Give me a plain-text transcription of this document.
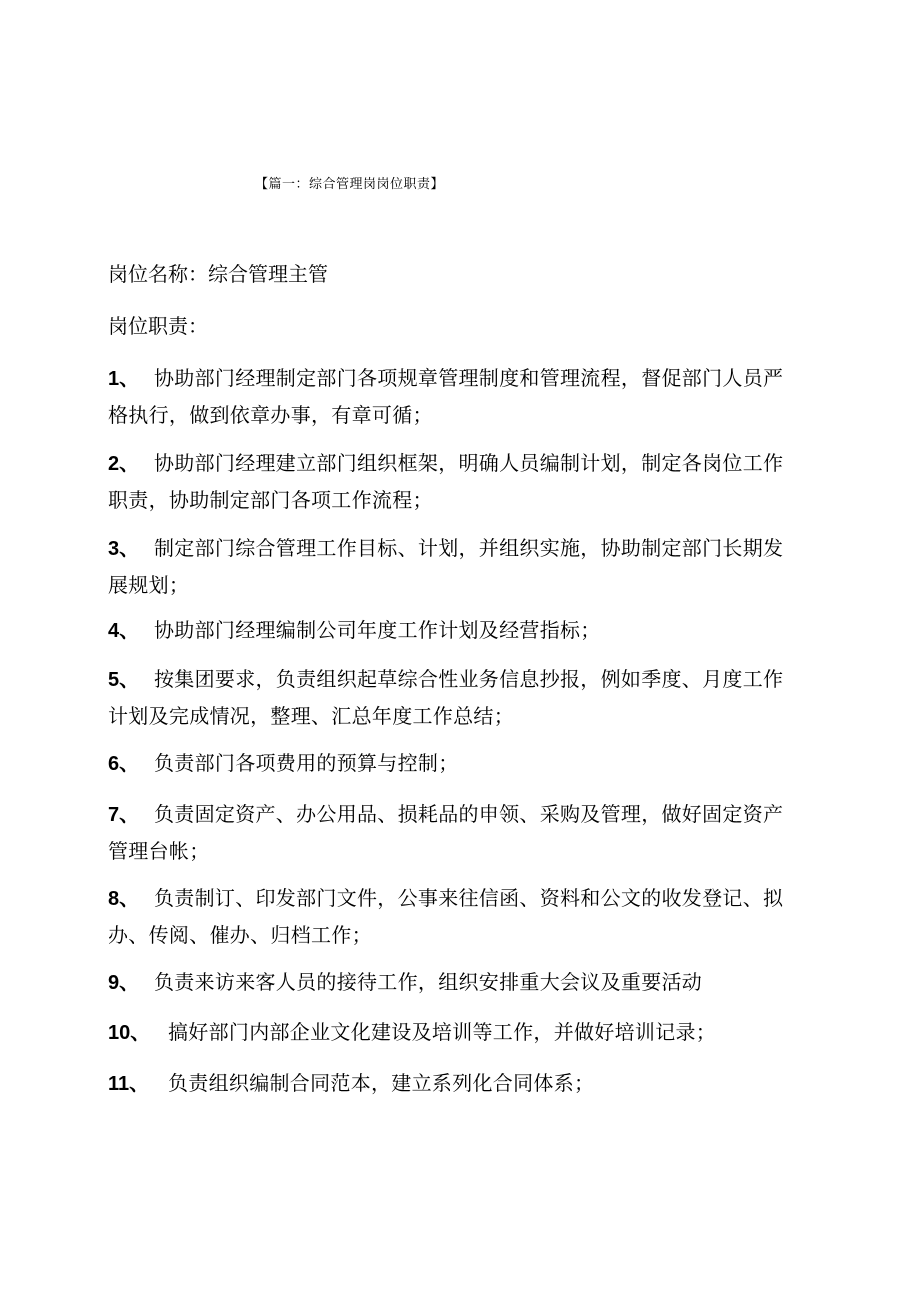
【篇一：综合管理岗岗位职责】
岗位名称：综合管理主管
岗位职责：
1、 协助部门经理制定部门各项规章管理制度和管理流程，督促部门人员严格执行，做到依章办事，有章可循；
2、 协助部门经理建立部门组织框架，明确人员编制计划，制定各岗位工作职责，协助制定部门各项工作流程；
3、 制定部门综合管理工作目标、计划，并组织实施，协助制定部门长期发展规划；
4、 协助部门经理编制公司年度工作计划及经营指标；
5、 按集团要求，负责组织起草综合性业务信息抄报，例如季度、月度工作计划及完成情况，整理、汇总年度工作总结；
6、 负责部门各项费用的预算与控制；
7、 负责固定资产、办公用品、损耗品的申领、采购及管理，做好固定资产管理台帐；
8、 负责制订、印发部门文件，公事来往信函、资料和公文的收发登记、拟办、传阅、催办、归档工作；
9、 负责来访来客人员的接待工作，组织安排重大会议及重要活动
10、 搞好部门内部企业文化建设及培训等工作，并做好培训记录；
11、 负责组织编制合同范本，建立系列化合同体系；
